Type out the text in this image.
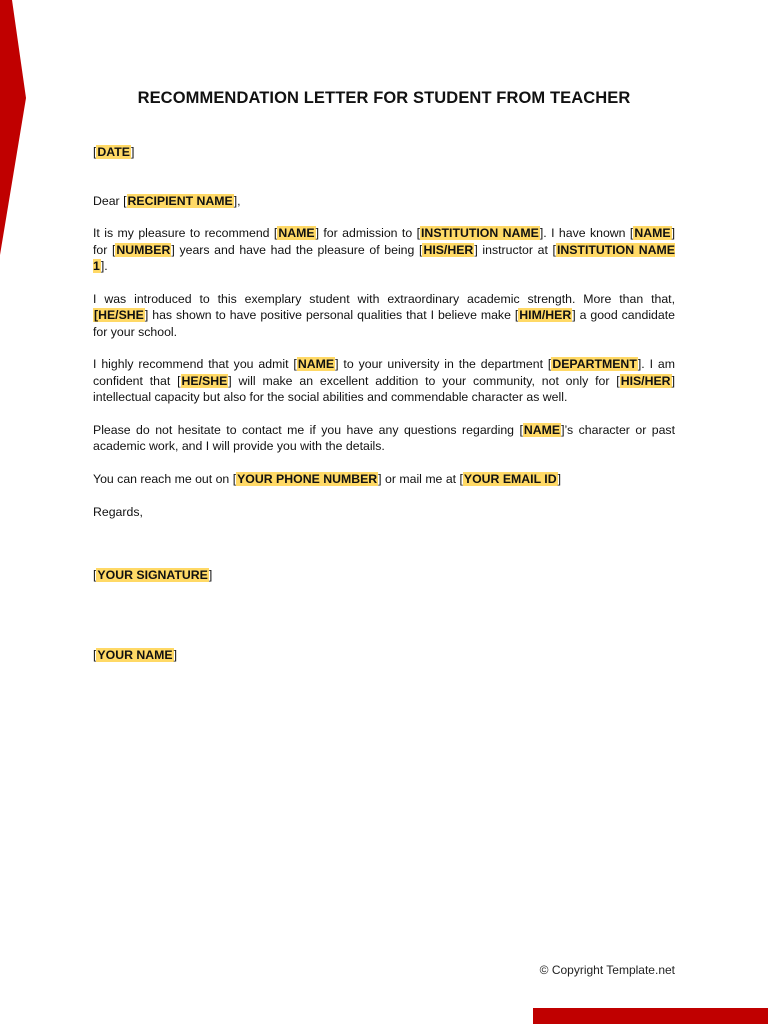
RECOMMENDATION LETTER FOR STUDENT FROM TEACHER

[DATE]

Dear [RECIPIENT NAME],

It is my pleasure to recommend [NAME] for admission to [INSTITUTION NAME]. I have known [NAME] for [NUMBER] years and have had the pleasure of being [HIS/HER] instructor at [INSTITUTION NAME 1].

I was introduced to this exemplary student with extraordinary academic strength. More than that, [HE/SHE] has shown to have positive personal qualities that I believe make [HIM/HER] a good candidate for your school.

I highly recommend that you admit [NAME] to your university in the department [DEPARTMENT]. I am confident that [HE/SHE] will make an excellent addition to your community, not only for [HIS/HER] intellectual capacity but also for the social abilities and commendable character as well.

Please do not hesitate to contact me if you have any questions regarding [NAME]’s character or past academic work, and I will provide you with the details.

You can reach me out on [YOUR PHONE NUMBER] or mail me at [YOUR EMAIL ID]

Regards,

[YOUR SIGNATURE]

[YOUR NAME]

© Copyright Template.net
